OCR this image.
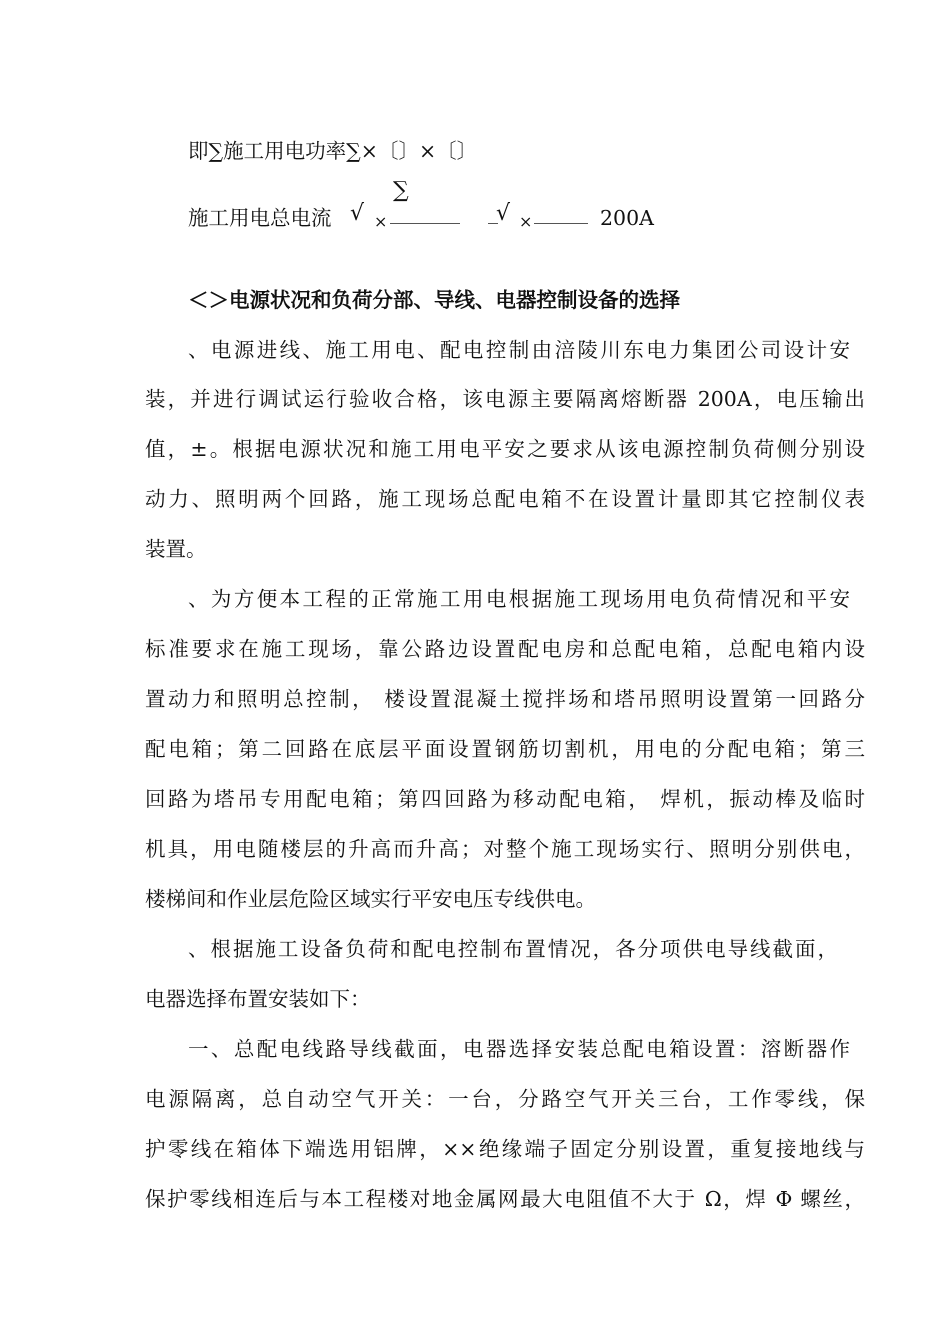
即∑施工用电功率∑×〔〕×〔〕
施工用电总电流
∑
√ ×	√ ×	200A
＜＞电源状况和负荷分部、导线、电器控制设备的选择
、电源进线、施工用电、配电控制由涪陵川东电力集团公司设计安
装，并进行调试运行验收合格，该电源主要隔离熔断器 200A，电压输出
值，±。根据电源状况和施工用电平安之要求从该电源控制负荷侧分别设
动力、照明两个回路，施工现场总配电箱不在设置计量即其它控制仪表
装置。
、为方便本工程的正常施工用电根据施工现场用电负荷情况和平安
标准要求在施工现场，靠公路边设置配电房和总配电箱，总配电箱内设
置动力和照明总控制， 楼设置混凝土搅拌场和塔吊照明设置第一回路分
配电箱；第二回路在底层平面设置钢筋切割机，用电的分配电箱；第三
回路为塔吊专用配电箱；第四回路为移动配电箱， 焊机，振动棒及临时
机具，用电随楼层的升高而升高；对整个施工现场实行、照明分别供电，
楼梯间和作业层危险区域实行平安电压专线供电。
、根据施工设备负荷和配电控制布置情况，各分项供电导线截面，
电器选择布置安装如下：
一、总配电线路导线截面，电器选择安装总配电箱设置：溶断器作
电源隔离，总自动空气开关：一台，分路空气开关三台，工作零线，保
护零线在箱体下端选用铝牌，××绝缘端子固定分别设置，重复接地线与
保护零线相连后与本工程楼对地金属网最大电阻值不大于 Ω，焊 Φ 螺丝，
